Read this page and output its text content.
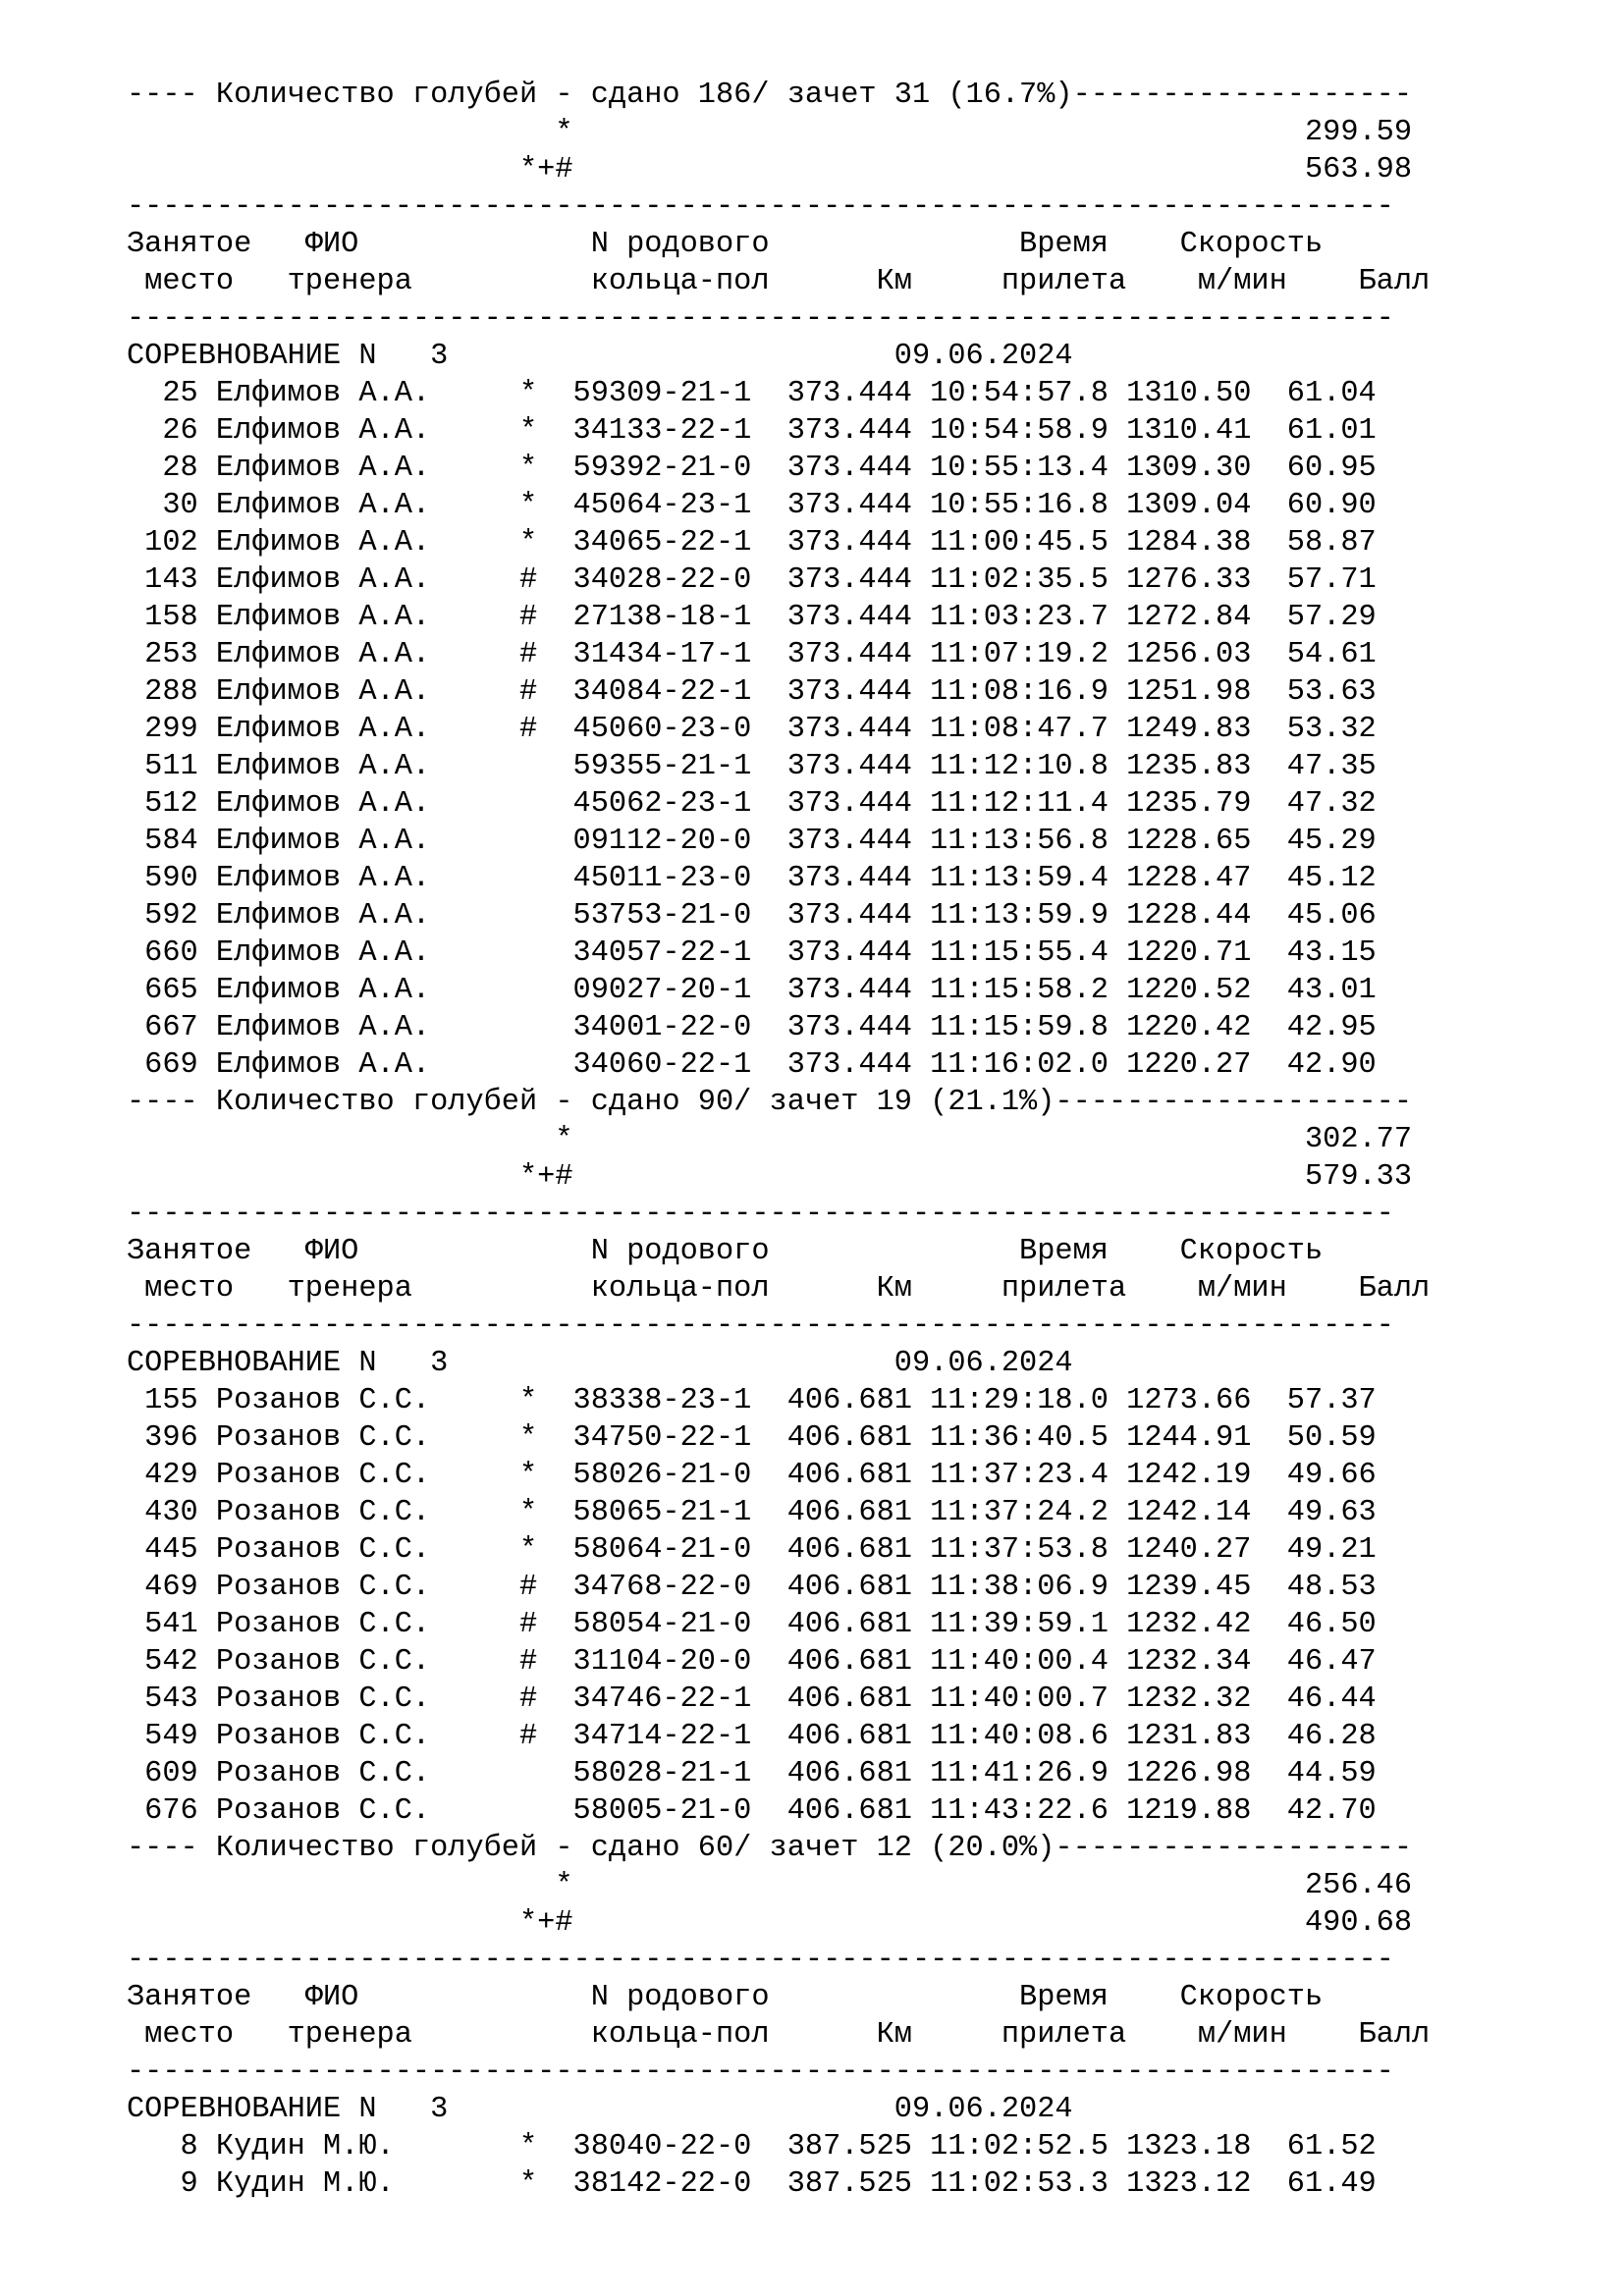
---- Количество голубей - сдано 186/ зачет 31 (16.7%)-------------------
*                                         299.59
*+#                                         563.98
-----------------------------------------------------------------------
Занятое   ФИО             N родового              Время    Скорость
место   тренера          кольца-пол      Км     прилета    м/мин    Балл
-----------------------------------------------------------------------
СОРЕВНОВАНИЕ N   3                         09.06.2024
25 Елфимов А.А.     *  59309-21-1  373.444 10:54:57.8 1310.50  61.04
26 Елфимов А.А.     *  34133-22-1  373.444 10:54:58.9 1310.41  61.01
28 Елфимов А.А.     *  59392-21-0  373.444 10:55:13.4 1309.30  60.95
30 Елфимов А.А.     *  45064-23-1  373.444 10:55:16.8 1309.04  60.90
102 Елфимов А.А.     *  34065-22-1  373.444 11:00:45.5 1284.38  58.87
143 Елфимов А.А.     #  34028-22-0  373.444 11:02:35.5 1276.33  57.71
158 Елфимов А.А.     #  27138-18-1  373.444 11:03:23.7 1272.84  57.29
253 Елфимов А.А.     #  31434-17-1  373.444 11:07:19.2 1256.03  54.61
288 Елфимов А.А.     #  34084-22-1  373.444 11:08:16.9 1251.98  53.63
299 Елфимов А.А.     #  45060-23-0  373.444 11:08:47.7 1249.83  53.32
511 Елфимов А.А.        59355-21-1  373.444 11:12:10.8 1235.83  47.35
512 Елфимов А.А.        45062-23-1  373.444 11:12:11.4 1235.79  47.32
584 Елфимов А.А.        09112-20-0  373.444 11:13:56.8 1228.65  45.29
590 Елфимов А.А.        45011-23-0  373.444 11:13:59.4 1228.47  45.12
592 Елфимов А.А.        53753-21-0  373.444 11:13:59.9 1228.44  45.06
660 Елфимов А.А.        34057-22-1  373.444 11:15:55.4 1220.71  43.15
665 Елфимов А.А.        09027-20-1  373.444 11:15:58.2 1220.52  43.01
667 Елфимов А.А.        34001-22-0  373.444 11:15:59.8 1220.42  42.95
669 Елфимов А.А.        34060-22-1  373.444 11:16:02.0 1220.27  42.90
---- Количество голубей - сдано 90/ зачет 19 (21.1%)--------------------
*                                         302.77
*+#                                         579.33
-----------------------------------------------------------------------
Занятое   ФИО             N родового              Время    Скорость
место   тренера          кольца-пол      Км     прилета    м/мин    Балл
-----------------------------------------------------------------------
СОРЕВНОВАНИЕ N   3                         09.06.2024
155 Розанов С.С.     *  38338-23-1  406.681 11:29:18.0 1273.66  57.37
396 Розанов С.С.     *  34750-22-1  406.681 11:36:40.5 1244.91  50.59
429 Розанов С.С.     *  58026-21-0  406.681 11:37:23.4 1242.19  49.66
430 Розанов С.С.     *  58065-21-1  406.681 11:37:24.2 1242.14  49.63
445 Розанов С.С.     *  58064-21-0  406.681 11:37:53.8 1240.27  49.21
469 Розанов С.С.     #  34768-22-0  406.681 11:38:06.9 1239.45  48.53
541 Розанов С.С.     #  58054-21-0  406.681 11:39:59.1 1232.42  46.50
542 Розанов С.С.     #  31104-20-0  406.681 11:40:00.4 1232.34  46.47
543 Розанов С.С.     #  34746-22-1  406.681 11:40:00.7 1232.32  46.44
549 Розанов С.С.     #  34714-22-1  406.681 11:40:08.6 1231.83  46.28
609 Розанов С.С.        58028-21-1  406.681 11:41:26.9 1226.98  44.59
676 Розанов С.С.        58005-21-0  406.681 11:43:22.6 1219.88  42.70
---- Количество голубей - сдано 60/ зачет 12 (20.0%)--------------------
*                                         256.46
*+#                                         490.68
-----------------------------------------------------------------------
Занятое   ФИО             N родового              Время    Скорость
место   тренера          кольца-пол      Км     прилета    м/мин    Балл
-----------------------------------------------------------------------
СОРЕВНОВАНИЕ N   3                         09.06.2024
8 Кудин М.Ю.       *  38040-22-0  387.525 11:02:52.5 1323.18  61.52
9 Кудин М.Ю.       *  38142-22-0  387.525 11:02:53.3 1323.12  61.49
